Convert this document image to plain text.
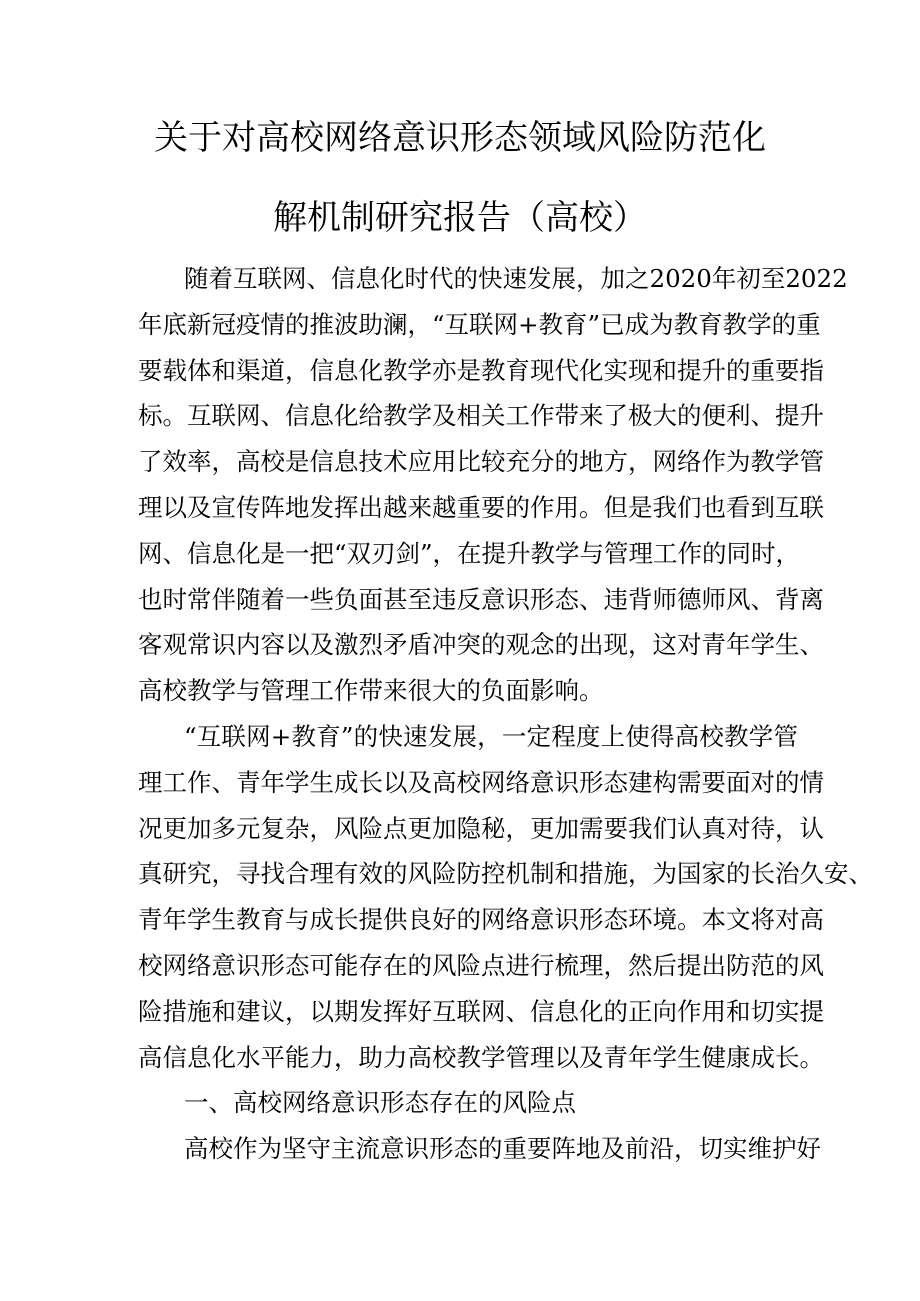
关于对高校网络意识形态领域风险防范化
解机制研究报告（高校）
随着互联网、信息化时代的快速发展，加之2020年初至2022
年底新冠疫情的推波助澜，“互联网+教育”已成为教育教学的重
要载体和渠道，信息化教学亦是教育现代化实现和提升的重要指
标。互联网、信息化给教学及相关工作带来了极大的便利、提升
了效率，高校是信息技术应用比较充分的地方，网络作为教学管
理以及宣传阵地发挥出越来越重要的作用。但是我们也看到互联
网、信息化是一把“双刃剑”，在提升教学与管理工作的同时，
也时常伴随着一些负面甚至违反意识形态、违背师德师风、背离
客观常识内容以及激烈矛盾冲突的观念的出现，这对青年学生、
高校教学与管理工作带来很大的负面影响。
“互联网+教育”的快速发展，一定程度上使得高校教学管
理工作、青年学生成长以及高校网络意识形态建构需要面对的情
况更加多元复杂，风险点更加隐秘，更加需要我们认真对待，认
真研究，寻找合理有效的风险防控机制和措施，为国家的长治久安、
青年学生教育与成长提供良好的网络意识形态环境。本文将对高
校网络意识形态可能存在的风险点进行梳理，然后提出防范的风
险措施和建议，以期发挥好互联网、信息化的正向作用和切实提
高信息化水平能力，助力高校教学管理以及青年学生健康成长。
一、高校网络意识形态存在的风险点
高校作为坚守主流意识形态的重要阵地及前沿，切实维护好
